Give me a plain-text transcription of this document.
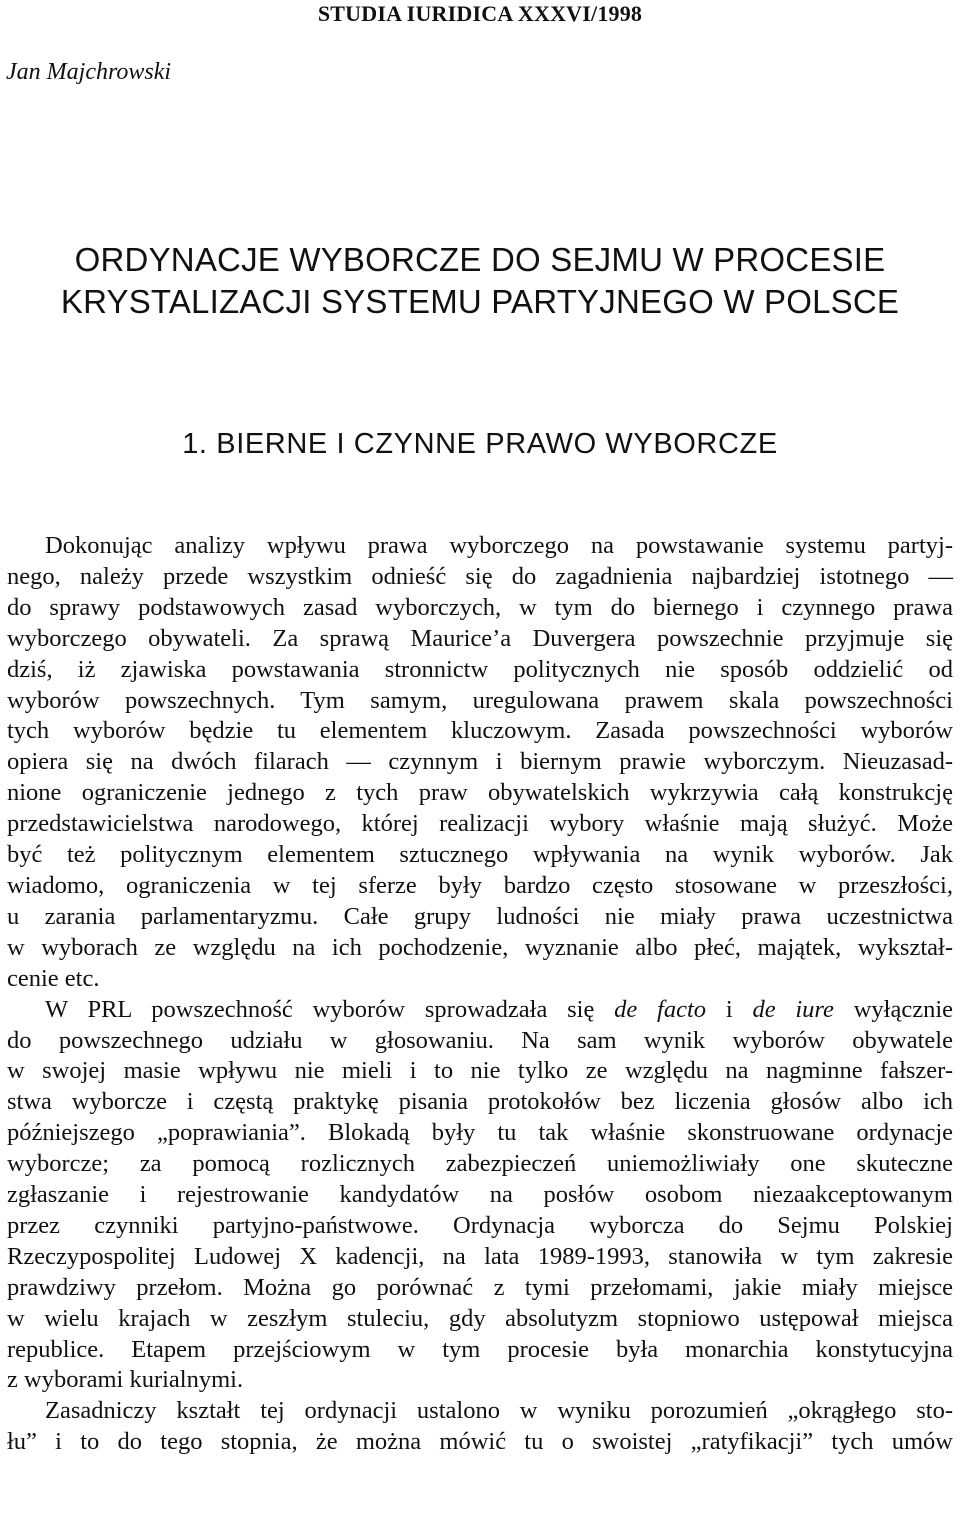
STUDIA IURIDICA XXXVI/1998
Jan Majchrowski
ORDYNACJE WYBORCZE DO SEJMU W PROCESIE
KRYSTALIZACJI SYSTEMU PARTYJNEGO W POLSCE
1. BIERNE I CZYNNE PRAWO WYBORCZE
Dokonując analizy wpływu prawa wyborczego na powstawanie systemu partyj-
nego, należy przede wszystkim odnieść się do zagadnienia najbardziej istotnego —
do sprawy podstawowych zasad wyborczych, w tym do biernego i czynnego prawa
wyborczego obywateli. Za sprawą Maurice’a Duvergera powszechnie przyjmuje się
dziś, iż zjawiska powstawania stronnictw politycznych nie sposób oddzielić od
wyborów powszechnych. Tym samym, uregulowana prawem skala powszechności
tych wyborów będzie tu elementem kluczowym. Zasada powszechności wyborów
opiera się na dwóch filarach — czynnym i biernym prawie wyborczym. Nieuzasad-
nione ograniczenie jednego z tych praw obywatelskich wykrzywia całą konstrukcję
przedstawicielstwa narodowego, której realizacji wybory właśnie mają służyć. Może
być też politycznym elementem sztucznego wpływania na wynik wyborów. Jak
wiadomo, ograniczenia w tej sferze były bardzo często stosowane w przeszłości,
u zarania parlamentaryzmu. Całe grupy ludności nie miały prawa uczestnictwa
w wyborach ze względu na ich pochodzenie, wyznanie albo płeć, majątek, wykształ-
cenie etc.
W PRL powszechność wyborów sprowadzała się de facto i de iure wyłącznie
do powszechnego udziału w głosowaniu. Na sam wynik wyborów obywatele
w swojej masie wpływu nie mieli i to nie tylko ze względu na nagminne fałszer-
stwa wyborcze i częstą praktykę pisania protokołów bez liczenia głosów albo ich
późniejszego „poprawiania”. Blokadą były tu tak właśnie skonstruowane ordynacje
wyborcze; za pomocą rozlicznych zabezpieczeń uniemożliwiały one skuteczne
zgłaszanie i rejestrowanie kandydatów na posłów osobom niezaakceptowanym
przez czynniki partyjno-państwowe. Ordynacja wyborcza do Sejmu Polskiej
Rzeczypospolitej Ludowej X kadencji, na lata 1989-1993, stanowiła w tym zakresie
prawdziwy przełom. Można go porównać z tymi przełomami, jakie miały miejsce
w wielu krajach w zeszłym stuleciu, gdy absolutyzm stopniowo ustępował miejsca
republice. Etapem przejściowym w tym procesie była monarchia konstytucyjna
z wyborami kurialnymi.
Zasadniczy kształt tej ordynacji ustalono w wyniku porozumień „okrągłego sto-
łu” i to do tego stopnia, że można mówić tu o swoistej „ratyfikacji” tych umów
